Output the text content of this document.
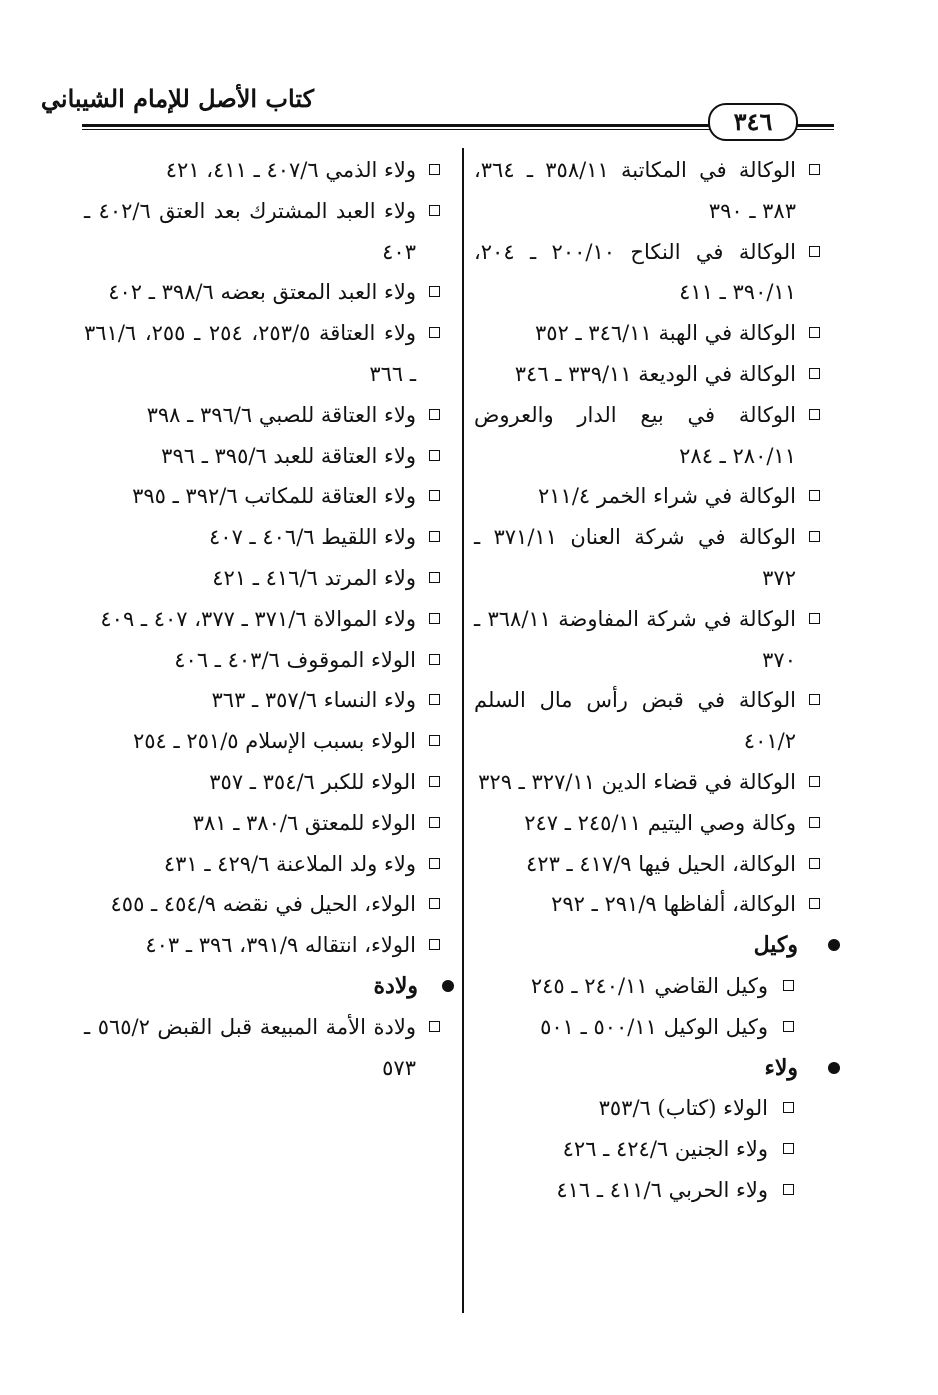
كتاب الأصل للإمام الشيباني
٣٤٦
الوكالة في المكاتبة ٣٥٨/١١ ـ ٣٦٤، ٣٨٣ ـ ٣٩٠
الوكالة في النكاح ٢٠٠/١٠ ـ ٢٠٤، ٣٩٠/١١ ـ ٤١١
الوكالة في الهبة ٣٤٦/١١ ـ ٣٥٢
الوكالة في الوديعة ٣٣٩/١١ ـ ٣٤٦
الوكالة في بيع الدار والعروض ٢٨٠/١١ ـ ٢٨٤
الوكالة في شراء الخمر ٢١١/٤
الوكالة في شركة العنان ٣٧١/١١ ـ ٣٧٢
الوكالة في شركة المفاوضة ٣٦٨/١١ ـ ٣٧٠
الوكالة في قبض رأس مال السلم ٤٠١/٢
الوكالة في قضاء الدين ٣٢٧/١١ ـ ٣٢٩
وكالة وصي اليتيم ٢٤٥/١١ ـ ٢٤٧
الوكالة، الحيل فيها ٤١٧/٩ ـ ٤٢٣
الوكالة، ألفاظها ٢٩١/٩ ـ ٢٩٢
وكيل
وكيل القاضي ٢٤٠/١١ ـ ٢٤٥
وكيل الوكيل ٥٠٠/١١ ـ ٥٠١
ولاء
الولاء (كتاب) ٣٥٣/٦
ولاء الجنين ٤٢٤/٦ ـ ٤٢٦
ولاء الحربي ٤١١/٦ ـ ٤١٦
ولاء الذمي ٤٠٧/٦ ـ ٤١١، ٤٢١
ولاء العبد المشترك بعد العتق ٤٠٢/٦ ـ ٤٠٣
ولاء العبد المعتق بعضه ٣٩٨/٦ ـ ٤٠٢
ولاء العتاقة ٢٥٣/٥، ٢٥٤ ـ ٢٥٥، ٣٦١/٦ ـ ٣٦٦
ولاء العتاقة للصبي ٣٩٦/٦ ـ ٣٩٨
ولاء العتاقة للعبد ٣٩٥/٦ ـ ٣٩٦
ولاء العتاقة للمكاتب ٣٩٢/٦ ـ ٣٩٥
ولاء اللقيط ٤٠٦/٦ ـ ٤٠٧
ولاء المرتد ٤١٦/٦ ـ ٤٢١
ولاء الموالاة ٣٧١/٦ ـ ٣٧٧، ٤٠٧ ـ ٤٠٩
الولاء الموقوف ٤٠٣/٦ ـ ٤٠٦
ولاء النساء ٣٥٧/٦ ـ ٣٦٣
الولاء بسبب الإسلام ٢٥١/٥ ـ ٢٥٤
الولاء للكبر ٣٥٤/٦ ـ ٣٥٧
الولاء للمعتق ٣٨٠/٦ ـ ٣٨١
ولاء ولد الملاعنة ٤٢٩/٦ ـ ٤٣١
الولاء، الحيل في نقضه ٤٥٤/٩ ـ ٤٥٥
الولاء، انتقاله ٣٩١/٩، ٣٩٦ ـ ٤٠٣
ولادة
ولادة الأمة المبيعة قبل القبض ٥٦٥/٢ ـ ٥٧٣
